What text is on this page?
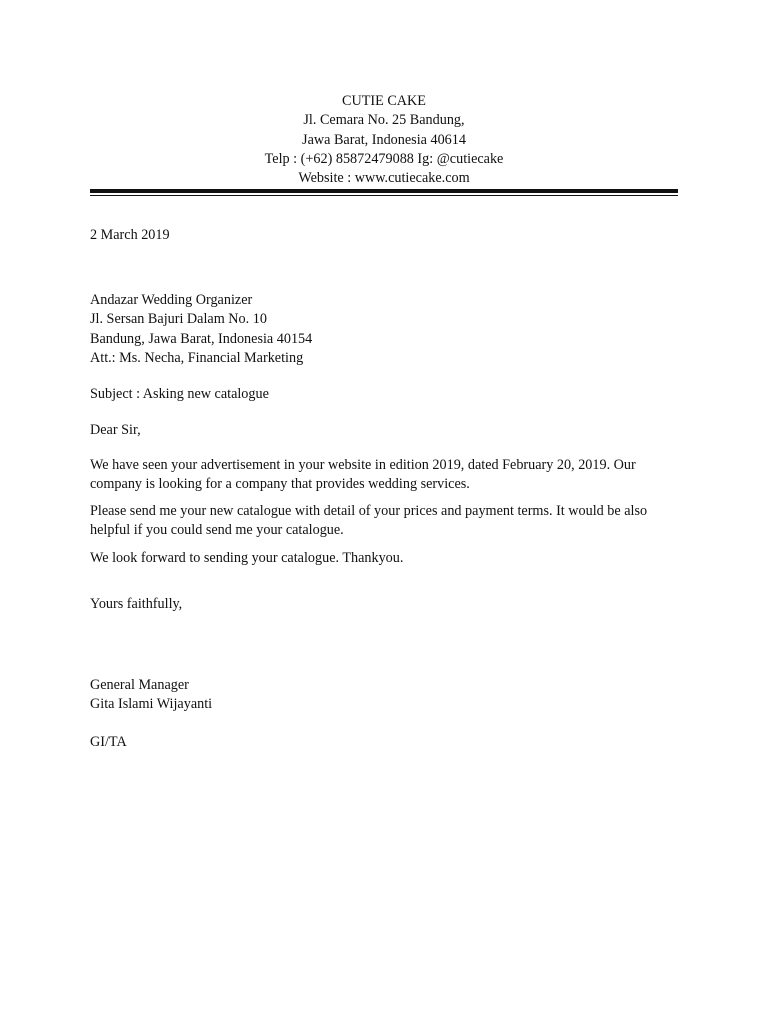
CUTIE CAKE
Jl. Cemara No. 25 Bandung,
Jawa Barat, Indonesia 40614
Telp : (+62) 85872479088 Ig: @cutiecake
Website : www.cutiecake.com
2 March 2019
Andazar Wedding Organizer
Jl. Sersan Bajuri Dalam No. 10
Bandung, Jawa Barat, Indonesia 40154
Att.: Ms. Necha, Financial Marketing
Subject : Asking new catalogue
Dear Sir,
We have seen your advertisement in your website in edition 2019, dated February 20, 2019. Our company is looking for a company that provides wedding services.
Please send me your new catalogue with detail of your prices and payment terms. It would be also helpful if you could send me your catalogue.
We look forward to sending your catalogue. Thankyou.
Yours faithfully,
General Manager
Gita Islami Wijayanti
GI/TA
